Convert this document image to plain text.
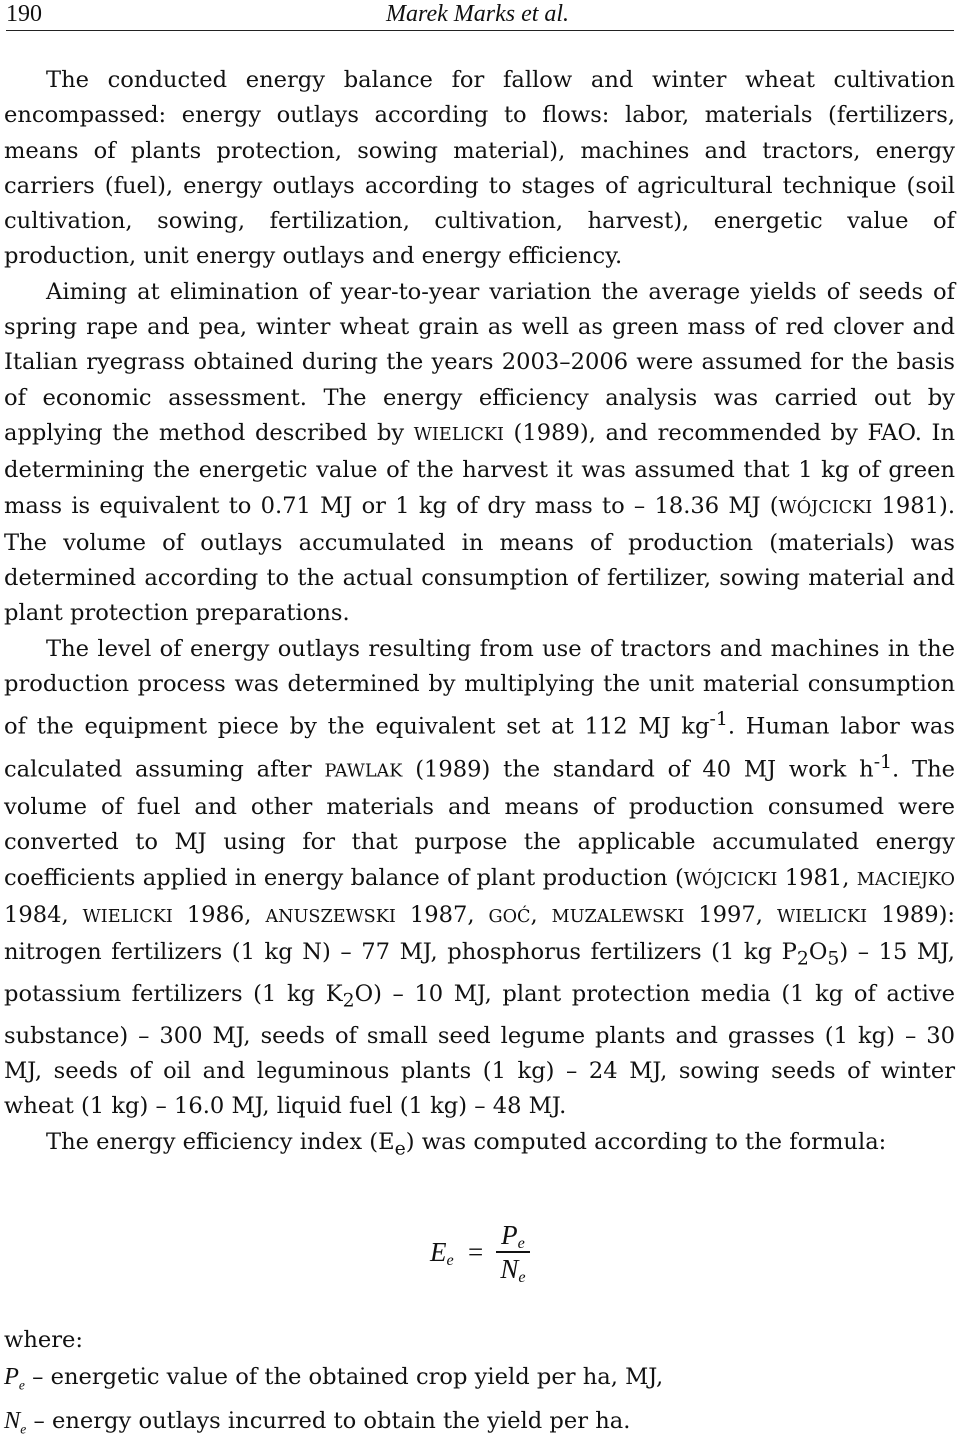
190	Marek Marks et al.

The conducted energy balance for fallow and winter wheat cultivation encompassed: energy outlays according to flows: labor, materials (fertilizers, means of plants protection, sowing material), machines and tractors, energy carriers (fuel), energy outlays according to stages of agricultural technique (soil cultivation, sowing, fertilization, cultivation, harvest), energetic value of production, unit energy outlays and energy efficiency.

Aiming at elimination of year-to-year variation the average yields of seeds of spring rape and pea, winter wheat grain as well as green mass of red clover and Italian ryegrass obtained during the years 2003–2006 were assumed for the basis of economic assessment. The energy efficiency analysis was carried out by applying the method described by WIELICKI (1989), and recommended by FAO. In determining the energetic value of the harvest it was assumed that 1 kg of green mass is equivalent to 0.71 MJ or 1 kg of dry mass to – 18.36 MJ (WÓJCICKI 1981). The volume of outlays accumulated in means of production (materials) was determined according to the actual consumption of fertilizer, sowing material and plant protection preparations.

The level of energy outlays resulting from use of tractors and machines in the production process was determined by multiplying the unit material consumption of the equipment piece by the equivalent set at 112 MJ $kg^{-1}$. Human labor was calculated assuming after PAWLAK (1989) the standard of 40 MJ work $h^{-1}$. The volume of fuel and other materials and means of production consumed were converted to MJ using for that purpose the applicable accumulated energy coefficients applied in energy balance of plant production (WÓJCICKI 1981, MACIEJKO 1984, WIELICKI 1986, ANUSZEWSKI 1987, GOĆ, MUZALEWSKI 1997, WIELICKI 1989): nitrogen fertilizers (1 kg N) – 77 MJ, phosphorus fertilizers (1 kg $P_2O_5) - 15$ MJ, potassium fertilizers (1 kg $K_2O) - 10$ MJ, plant protection media (1 kg of active substance) – 300 MJ, seeds of small seed legume plants and grasses (1 kg) – 30 MJ, seeds of oil and leguminous plants (1 kg) – 24 MJ, sowing seeds of winter wheat (1 kg) – 16.0 MJ, liquid fuel (1 kg) – 48 MJ.

The energy efficiency index $(E_e)$ was computed according to the formula:

$E_e$ =
$P_e$
$N_e$
where:
$P_e$ – energetic value of the obtained crop yield per ha, MJ,
$N_e$ – energy outlays incurred to obtain the yield per ha.
